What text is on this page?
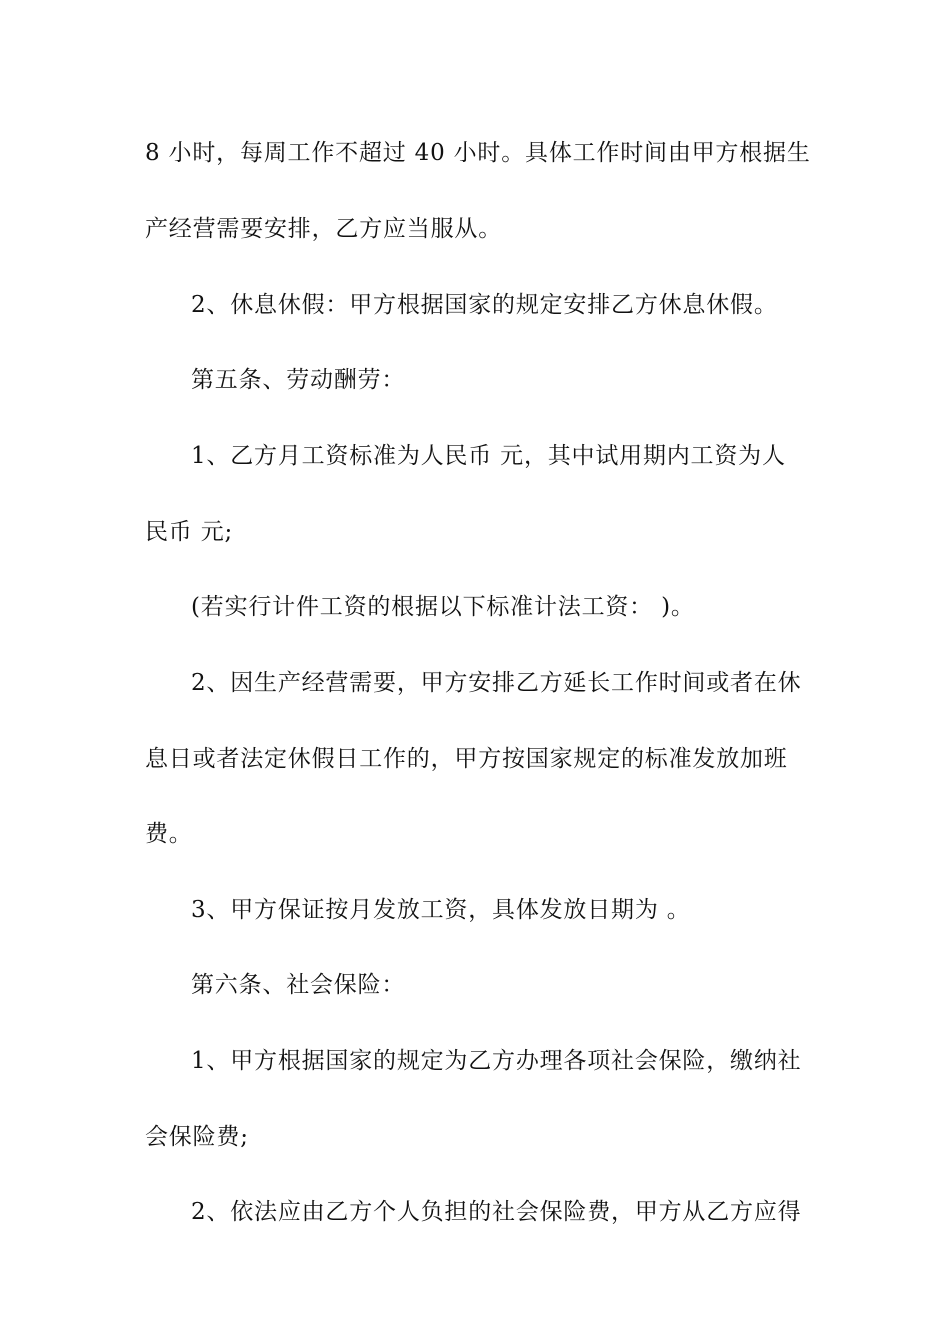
8 小时，每周工作不超过 40 小时。具体工作时间由甲方根据生
产经营需要安排，乙方应当服从。
2、休息休假：甲方根据国家的规定安排乙方休息休假。
第五条、劳动酬劳：
1、乙方月工资标准为人民币 元，其中试用期内工资为人
民币 元;
(若实行计件工资的根据以下标准计法工资： )。
2、因生产经营需要，甲方安排乙方延长工作时间或者在休
息日或者法定休假日工作的，甲方按国家规定的标准发放加班
费。
3、甲方保证按月发放工资，具体发放日期为 。
第六条、社会保险：
1、甲方根据国家的规定为乙方办理各项社会保险，缴纳社
会保险费;
2、依法应由乙方个人负担的社会保险费，甲方从乙方应得
